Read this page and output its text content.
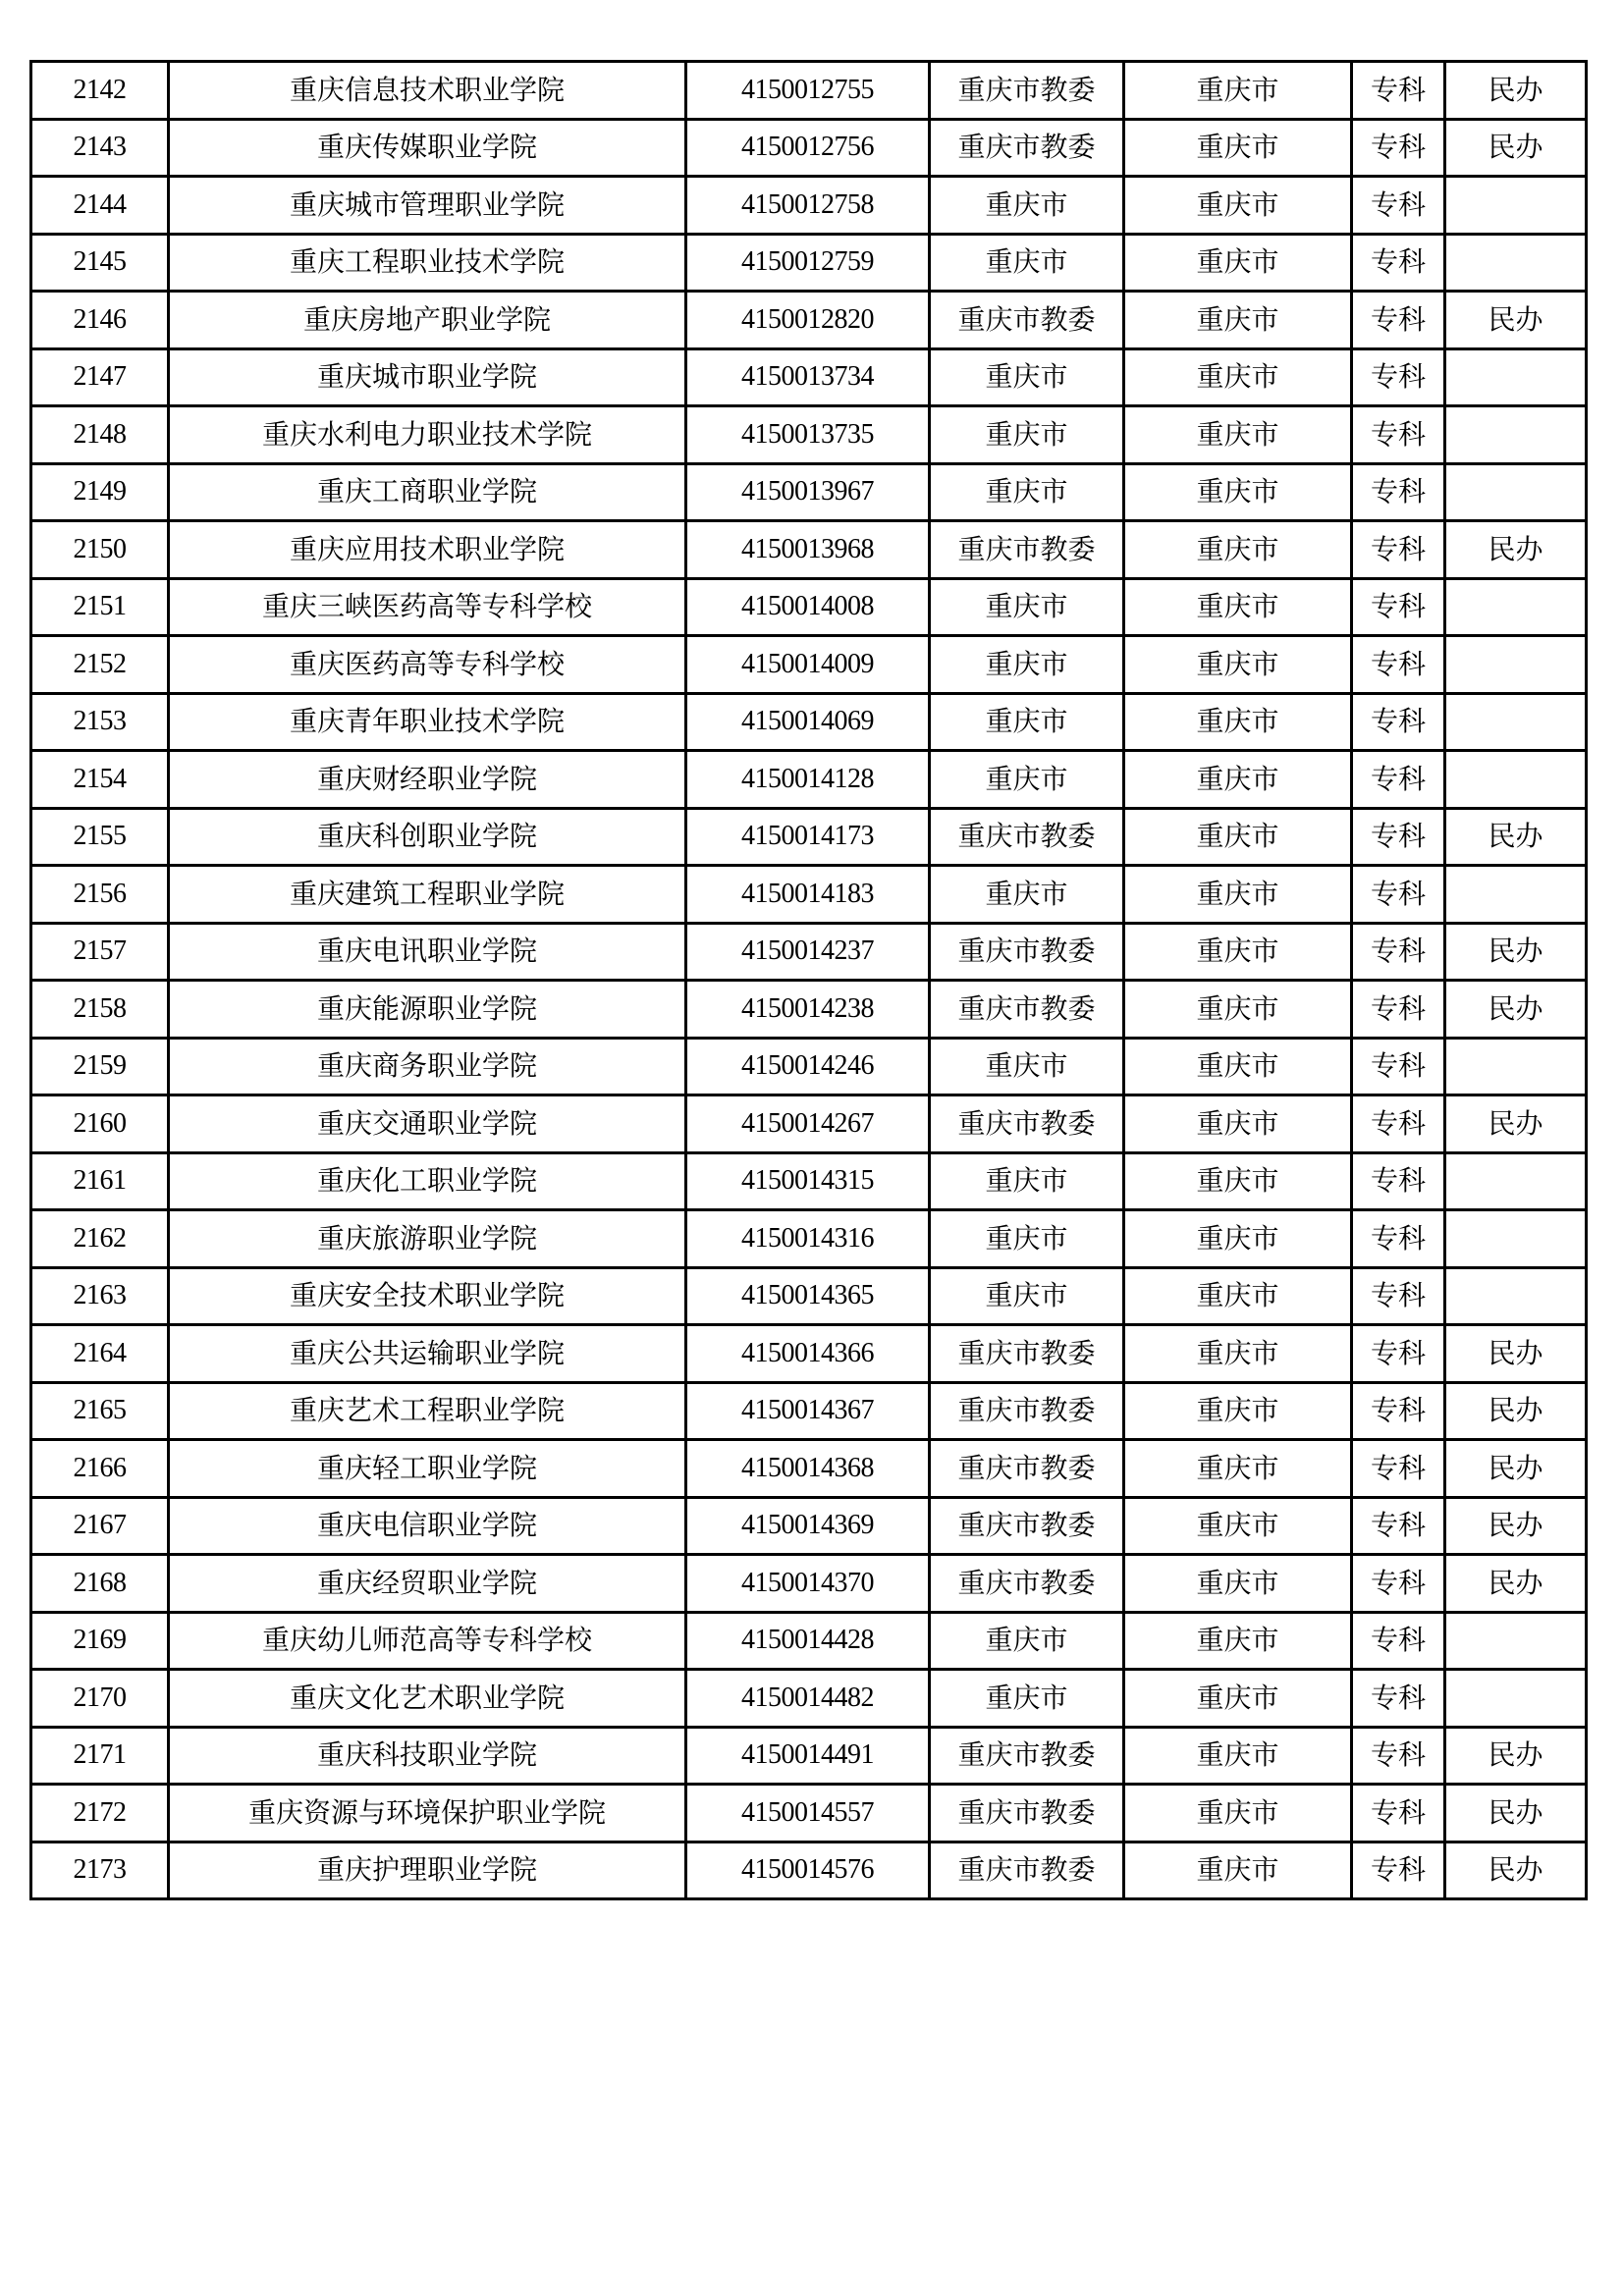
2142	重庆信息技术职业学院	4150012755	重庆市教委	重庆市	专科	民办
2143	重庆传媒职业学院	4150012756	重庆市教委	重庆市	专科	民办
2144	重庆城市管理职业学院	4150012758	重庆市	重庆市	专科	
2145	重庆工程职业技术学院	4150012759	重庆市	重庆市	专科	
2146	重庆房地产职业学院	4150012820	重庆市教委	重庆市	专科	民办
2147	重庆城市职业学院	4150013734	重庆市	重庆市	专科	
2148	重庆水利电力职业技术学院	4150013735	重庆市	重庆市	专科	
2149	重庆工商职业学院	4150013967	重庆市	重庆市	专科	
2150	重庆应用技术职业学院	4150013968	重庆市教委	重庆市	专科	民办
2151	重庆三峡医药高等专科学校	4150014008	重庆市	重庆市	专科	
2152	重庆医药高等专科学校	4150014009	重庆市	重庆市	专科	
2153	重庆青年职业技术学院	4150014069	重庆市	重庆市	专科	
2154	重庆财经职业学院	4150014128	重庆市	重庆市	专科	
2155	重庆科创职业学院	4150014173	重庆市教委	重庆市	专科	民办
2156	重庆建筑工程职业学院	4150014183	重庆市	重庆市	专科	
2157	重庆电讯职业学院	4150014237	重庆市教委	重庆市	专科	民办
2158	重庆能源职业学院	4150014238	重庆市教委	重庆市	专科	民办
2159	重庆商务职业学院	4150014246	重庆市	重庆市	专科	
2160	重庆交通职业学院	4150014267	重庆市教委	重庆市	专科	民办
2161	重庆化工职业学院	4150014315	重庆市	重庆市	专科	
2162	重庆旅游职业学院	4150014316	重庆市	重庆市	专科	
2163	重庆安全技术职业学院	4150014365	重庆市	重庆市	专科	
2164	重庆公共运输职业学院	4150014366	重庆市教委	重庆市	专科	民办
2165	重庆艺术工程职业学院	4150014367	重庆市教委	重庆市	专科	民办
2166	重庆轻工职业学院	4150014368	重庆市教委	重庆市	专科	民办
2167	重庆电信职业学院	4150014369	重庆市教委	重庆市	专科	民办
2168	重庆经贸职业学院	4150014370	重庆市教委	重庆市	专科	民办
2169	重庆幼儿师范高等专科学校	4150014428	重庆市	重庆市	专科	
2170	重庆文化艺术职业学院	4150014482	重庆市	重庆市	专科	
2171	重庆科技职业学院	4150014491	重庆市教委	重庆市	专科	民办
2172	重庆资源与环境保护职业学院	4150014557	重庆市教委	重庆市	专科	民办
2173	重庆护理职业学院	4150014576	重庆市教委	重庆市	专科	民办
